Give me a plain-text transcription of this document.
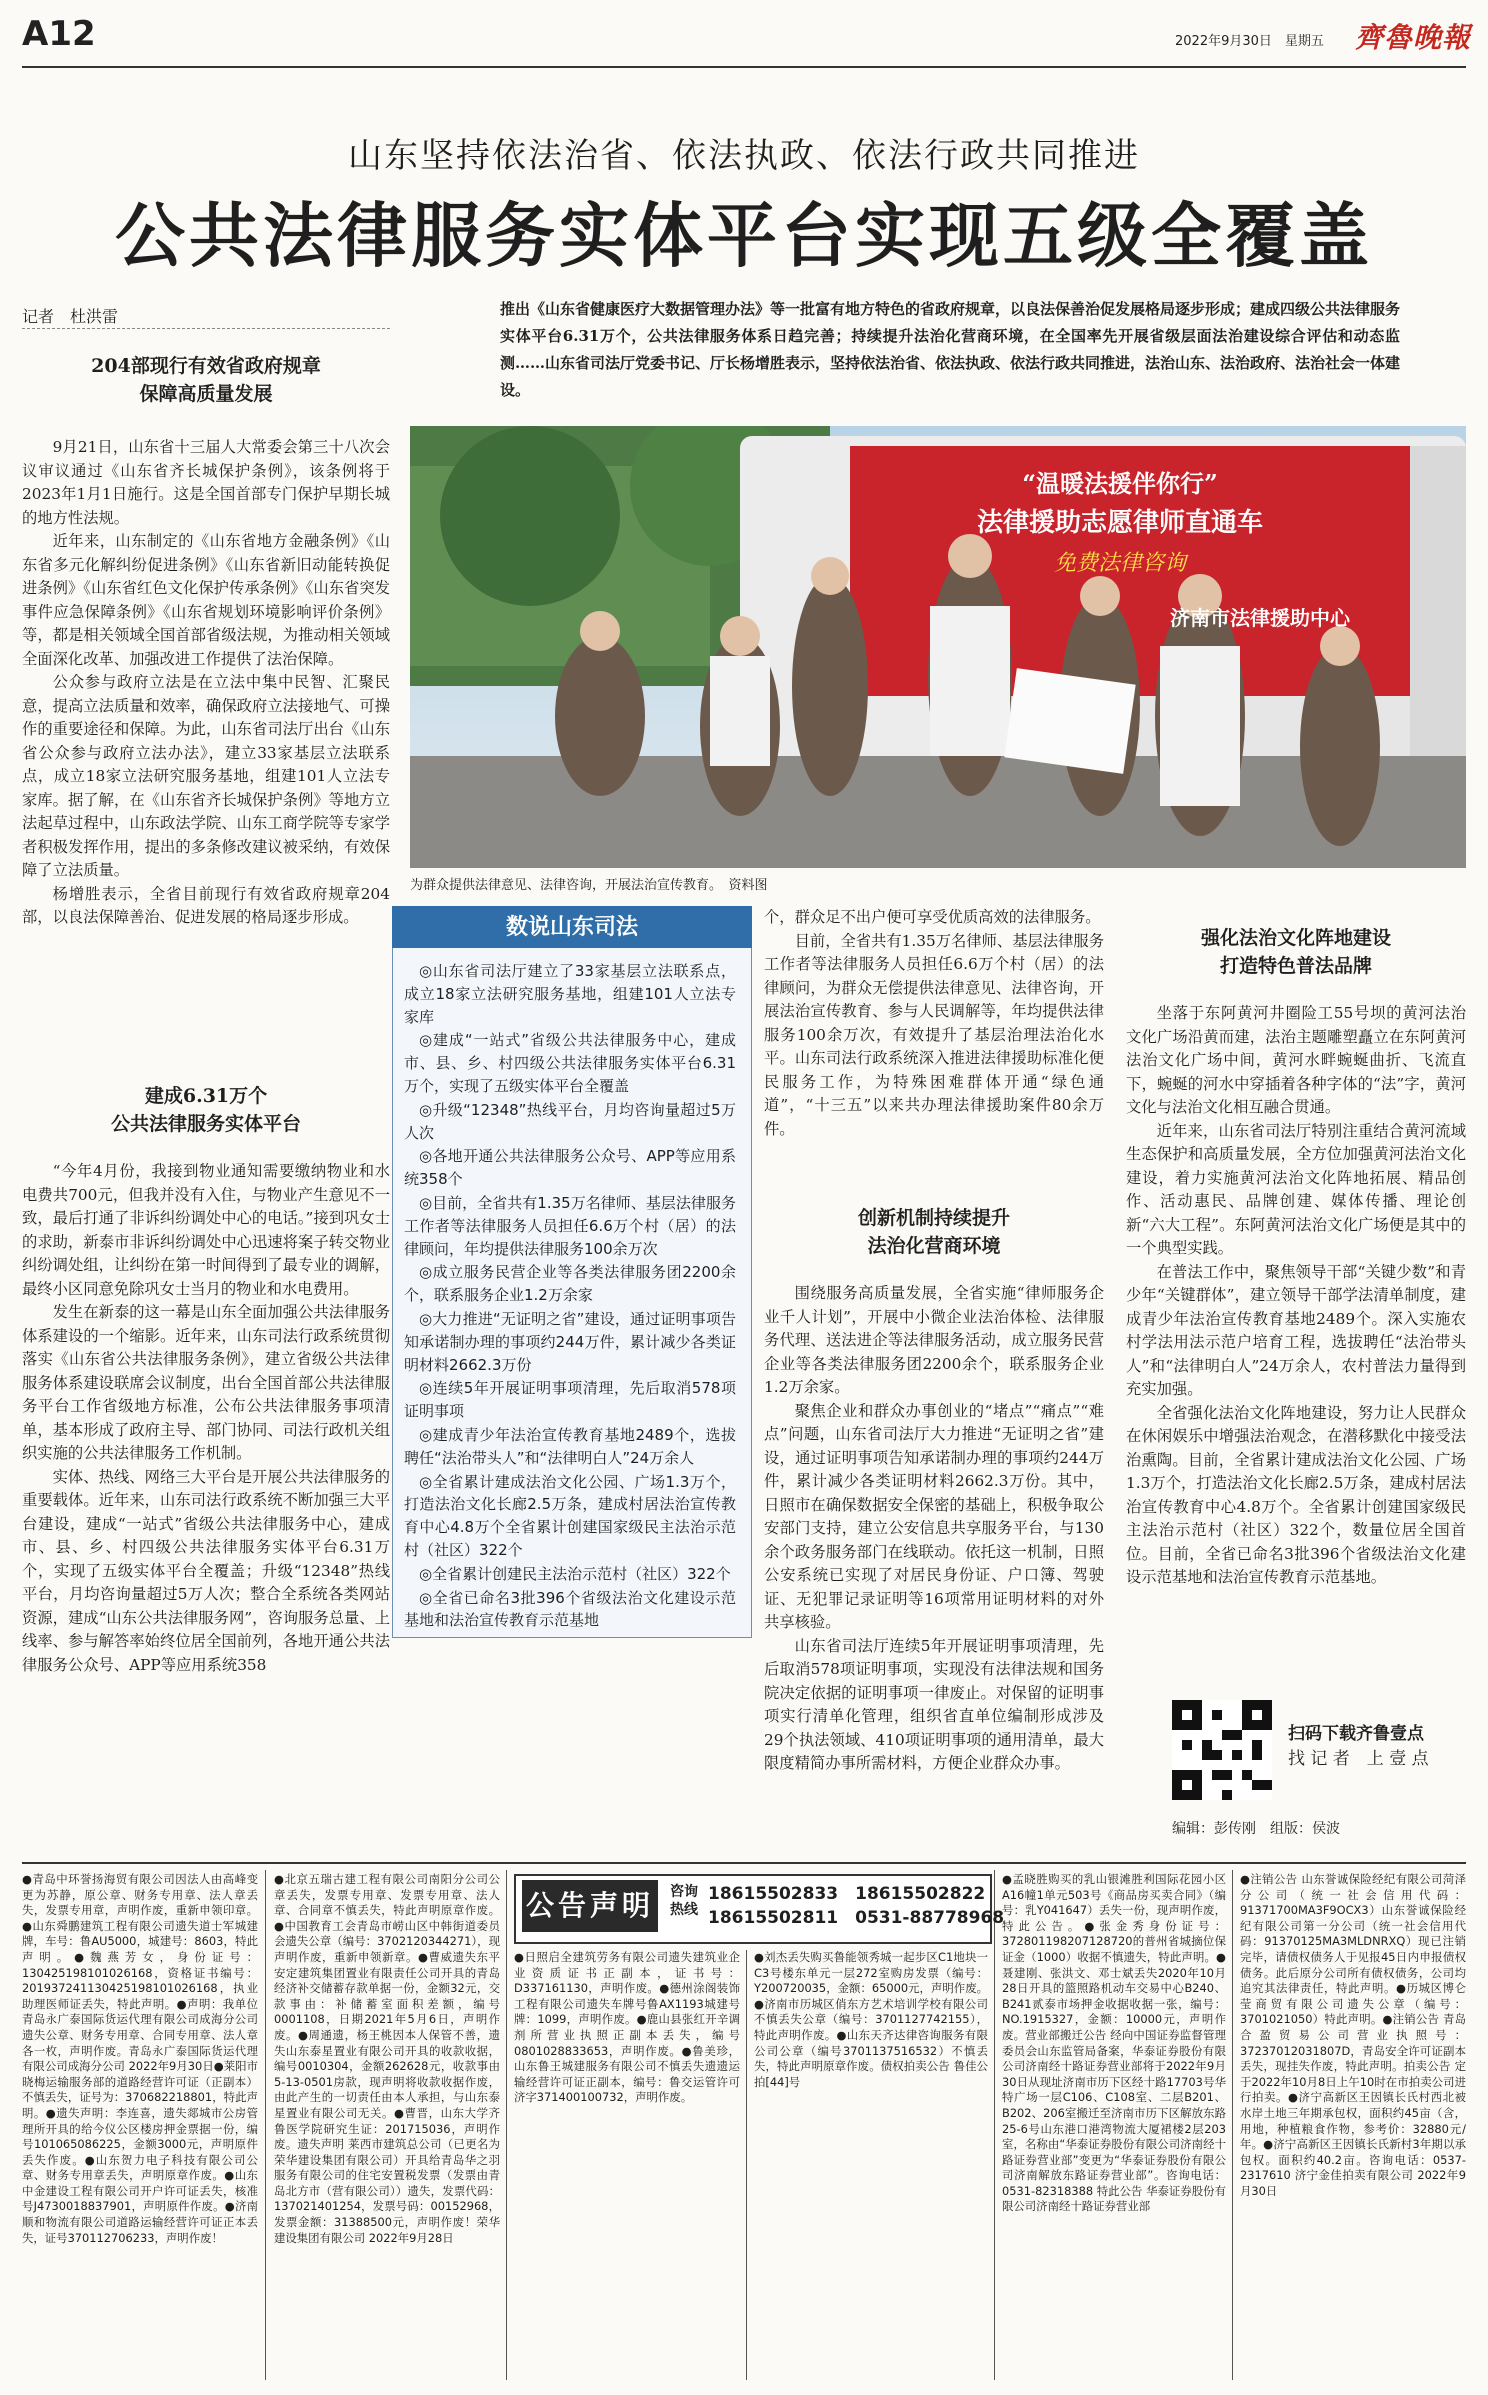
A12	2022年9月30日　星期五 齊魯晚報
山东坚持依法治省、依法执政、依法行政共同推进
公共法律服务实体平台实现五级全覆盖
记者　杜洪雷	推出《山东省健康医疗大数据管理办法》等一批富有地方特色的省政府规章，以良法保善治促发展格局逐步形成；建成四级公共法律服务实体平台6.31万个，公共法律服务体系日趋完善；持续提升法治化营商环境，在全国率先开展省级层面法治建设综合评估和动态监测……山东省司法厅党委书记、厅长杨增胜表示，坚持依法治省、依法执政、依法行政共同推进，法治山东、法治政府、法治社会一体建设。
204部现行有效省政府规章
保障高质量发展

9月21日，山东省十三届人大常委会第三十八次会议审议通过《山东省齐长城保护条例》，该条例将于2023年1月1日施行。这是全国首部专门保护早期长城的地方性法规。

近年来，山东制定的《山东省地方金融条例》《山东省多元化解纠纷促进条例》《山东省新旧动能转换促进条例》《山东省红色文化保护传承条例》《山东省突发事件应急保障条例》《山东省规划环境影响评价条例》等，都是相关领域全国首部省级法规，为推动相关领域全面深化改革、加强改进工作提供了法治保障。

公众参与政府立法是在立法中集中民智、汇聚民意，提高立法质量和效率，确保政府立法接地气、可操作的重要途径和保障。为此，山东省司法厅出台《山东省公众参与政府立法办法》，建立33家基层立法联系点，成立18家立法研究服务基地，组建101人立法专家库。据了解，在《山东省齐长城保护条例》等地方立法起草过程中，山东政法学院、山东工商学院等专家学者积极发挥作用，提出的多条修改建议被采纳，有效保障了立法质量。

杨增胜表示，全省目前现行有效省政府规章204部，以良法保障善治、促进发展的格局逐步形成。

建成6.31万个
公共法律服务实体平台

“今年4月份，我接到物业通知需要缴纳物业和水电费共700元，但我并没有入住，与物业产生意见不一致，最后打通了非诉纠纷调处中心的电话。”接到巩女士的求助，新泰市非诉纠纷调处中心迅速将案子转交物业纠纷调处组，让纠纷在第一时间得到了最专业的调解，最终小区同意免除巩女士当月的物业和水电费用。

发生在新泰的这一幕是山东全面加强公共法律服务体系建设的一个缩影。近年来，山东司法行政系统贯彻落实《山东省公共法律服务条例》，建立省级公共法律服务体系建设联席会议制度，出台全国首部公共法律服务平台工作省级地方标准，公布公共法律服务事项清单，基本形成了政府主导、部门协同、司法行政机关组织实施的公共法律服务工作机制。

实体、热线、网络三大平台是开展公共法律服务的重要载体。近年来，山东司法行政系统不断加强三大平台建设，建成“一站式”省级公共法律服务中心，建成市、县、乡、村四级公共法律服务实体平台6.31万个，实现了五级实体平台全覆盖；升级“12348”热线平台，月均咨询量超过5万人次；整合全系统各类网站资源，建成“山东公共法律服务网”，咨询服务总量、上线率、参与解答率始终位居全国前列，各地开通公共法律服务公众号、APP等应用系统358

“温暖法援伴你行”
法律援助志愿律师直通车
免费法律咨询
济南市法律援助中心
为群众提供法律意见、法律咨询，开展法治宣传教育。　资料图
数说山东司法

◎山东省司法厅建立了33家基层立法联系点，成立18家立法研究服务基地，组建101人立法专家库

◎建成“一站式”省级公共法律服务中心，建成市、县、乡、村四级公共法律服务实体平台6.31万个，实现了五级实体平台全覆盖

◎升级“12348”热线平台，月均咨询量超过5万人次

◎各地开通公共法律服务公众号、APP等应用系统358个

◎目前，全省共有1.35万名律师、基层法律服务工作者等法律服务人员担任6.6万个村（居）的法律顾问，年均提供法律服务100余万次

◎成立服务民营企业等各类法律服务团2200余个，联系服务企业1.2万余家

◎大力推进“无证明之省”建设，通过证明事项告知承诺制办理的事项约244万件，累计减少各类证明材料2662.3万份

◎连续5年开展证明事项清理，先后取消578项证明事项

◎建成青少年法治宣传教育基地2489个，选拔聘任“法治带头人”和“法律明白人”24万余人

◎全省累计建成法治文化公园、广场1.3万个，打造法治文化长廊2.5万条，建成村居法治宣传教育中心4.8万个全省累计创建国家级民主法治示范村（社区）322个

◎全省累计创建民主法治示范村（社区）322个

◎全省已命名3批396个省级法治文化建设示范基地和法治宣传教育示范基地

个，群众足不出户便可享受优质高效的法律服务。

目前，全省共有1.35万名律师、基层法律服务工作者等法律服务人员担任6.6万个村（居）的法律顾问，为群众无偿提供法律意见、法律咨询，开展法治宣传教育、参与人民调解等，年均提供法律服务100余万次，有效提升了基层治理法治化水平。山东司法行政系统深入推进法律援助标准化便民服务工作，为特殊困难群体开通“绿色通道”，“十三五”以来共办理法律援助案件80余万件。

创新机制持续提升
法治化营商环境

围绕服务高质量发展，全省实施“律师服务企业千人计划”，开展中小微企业法治体检、法律服务代理、送法进企等法律服务活动，成立服务民营企业等各类法律服务团2200余个，联系服务企业1.2万余家。

聚焦企业和群众办事创业的“堵点”“痛点”“难点”问题，山东省司法厅大力推进“无证明之省”建设，通过证明事项告知承诺制办理的事项约244万件，累计减少各类证明材料2662.3万份。其中，日照市在确保数据安全保密的基础上，积极争取公安部门支持，建立公安信息共享服务平台，与130余个政务服务部门在线联动。依托这一机制，日照公安系统已实现了对居民身份证、户口簿、驾驶证、无犯罪记录证明等16项常用证明材料的对外共享核验。

山东省司法厅连续5年开展证明事项清理，先后取消578项证明事项，实现没有法律法规和国务院决定依据的证明事项一律废止。对保留的证明事项实行清单化管理，组织省直单位编制形成涉及29个执法领域、410项证明事项的通用清单，最大限度精简办事所需材料，方便企业群众办事。

强化法治文化阵地建设
打造特色普法品牌

坐落于东阿黄河井圈险工55号坝的黄河法治文化广场沿黄而建，法治主题雕塑矗立在东阿黄河法治文化广场中间，黄河水畔蜿蜒曲折、飞流直下，蜿蜒的河水中穿插着各种字体的“法”字，黄河文化与法治文化相互融合贯通。

近年来，山东省司法厅特别注重结合黄河流域生态保护和高质量发展，全方位加强黄河法治文化建设，着力实施黄河法治文化阵地拓展、精品创作、活动惠民、品牌创建、媒体传播、理论创新“六大工程”。东阿黄河法治文化广场便是其中的一个典型实践。

在普法工作中，聚焦领导干部“关键少数”和青少年“关键群体”，建立领导干部学法清单制度，建成青少年法治宣传教育基地2489个。深入实施农村学法用法示范户培育工程，选拔聘任“法治带头人”和“法律明白人”24万余人，农村普法力量得到充实加强。

全省强化法治文化阵地建设，努力让人民群众在休闲娱乐中增强法治观念，在潜移默化中接受法治熏陶。目前，全省累计建成法治文化公园、广场1.3万个，打造法治文化长廊2.5万条，建成村居法治宣传教育中心4.8万个。全省累计创建国家级民主法治示范村（社区）322个，数量位居全国首位。目前，全省已命名3批396个省级法治文化建设示范基地和法治宣传教育示范基地。

扫码下载齐鲁壹点
找 记 者　上 壹 点
编辑：彭传刚　组版：侯波
公告声明 咨询热线
18615502833　18615502822
18615502811　0531-88778968

●青岛中环誉扬海贸有限公司因法人由高峰变更为苏静，原公章、财务专用章、法人章丢失，发票专用章，声明作废，重新申领印章。●山东舜鹏建筑工程有限公司遗失道士军城建牌，车号：鲁AU5000，城建号：8603，特此声明。●魏燕芳女，身份证号：130425198101026168，资格证书编号：201937241130425198101026168，执业助理医师证丢失，特此声明。●声明：我单位青岛永广泰国际货运代理有限公司成海分公司遗失公章、财务专用章、合同专用章、法人章各一枚，声明作废。青岛永广泰国际货运代理有限公司成海分公司 2022年9月30日●莱阳市晓梅运输服务部的道路经营许可证（正副本）不慎丢失，证号为：370682218801，特此声明。●遗失声明：李连喜，遗失郯城市公房管理所开具的给今仪公区楼房押金票据一份，编号1010650862​25，金额3000元，声明原件丢失作废。●山东贺力电子科技有限公司公章、财务专用章丢失，声明原章作废。●山东中金建设工程有限公司开户许可证丢失，核准号J4730018837901，声明原件作废。●济南顺和物流有限公司道路运输经营许可证正本丢失，证号370112706233，声明作废！

●北京五瑞古建工程有限公司南阳分公司公章丢失，发票专用章、发票专用章、法人章、合同章不慎丢失，特此声明原章作废。●中国教育工会青岛市崂山区中韩街道委员会遗失公章（编号：3702120344271），现声明作废，重新申领新章。●曹威遗失东平安定建筑集团置业有限责任公司开具的青岛经济补交储蓄存款单据一份，金额32元，交款事由：补储蓄室面积差额，编号0001108，日期2021年5月6日，声明作废。●周通遗，杨王桃因本人保管不善，遗失山东泰星置业有限公司开具的收款收据，编号0010304，金额262628元，收款事由5-13-0501房款，现声明将收款收据作废，由此产生的一切责任由本人承担，与山东泰星置业有限公司无关。●曹晋，山东大学齐鲁医学院研究生证：201715036，声明作废。遗失声明 莱西市建筑总公司（已更名为荣华建设集团有限公司）开具给青岛华之羽服务有限公司的住宅安置税发票（发票由青岛北方市（营有限公司））遗失，发票代码：137021401254，发票号码：00152968，发票金额：31388500元，声明作废！荣华建设集团有限公司 2022年9月28日

●日照启全建筑劳务有限公司遗失建筑业企业资质证书正副本，证书号：D337161130，声明作废。●德州涂阁装饰工程有限公司遗失车牌号鲁AX1193城建号牌：1099，声明作废。●鹿山县张红开辛调剂所营业执照正副本丢失，编号0801028833653，声明作废。●鲁美珍，山东鲁王城建服务有限公司不慎丢失遗遗运输经营许可证正副本，编号：鲁交运管许可济字371400100732，声明作废。

●刘杰丢失购买鲁能领秀城一起步区C1地块一C3号楼东单元一层272室购房发票（编号：Y200720035，金额：65000元，声明作废。●济南市历城区俏东方艺术培训学校有限公司不慎丢失公章（编号：3701127742155），特此声明作废。●山东天齐达律咨询服务有限公司公章（编号3701137516532）不慎丢失，特此声明原章作废。债权拍卖公告 鲁佳公拍[44]号

●孟晓胜购买的乳山银滩胜利国际花园小区A16幢1单元503号《商品房买卖合同》（编号：乳Y041647）丢失一份，现声明作废，特此公告。●张金秀身份证号：372801198207128720的普州省城摘位保证金（1000）收据不慎遗失，特此声明。●聂建刚、张洪文、邓士斌丢失2020年10月28日开具的篮照路机动车交易中心B240、B241贰泰市场押金收据收据一张，编号：NO.1915327，金额：10000元，声明作废。营业部搬迁公告 经向中国证券监督管理委员会山东监管局备案，华泰证券股份有限公司济南经十路证券营业部将于2022年9月30日从现址济南市历下区经十路17703号华特广场一层C106、C108室、二层B201、B202、206室搬迁至济南市历下区解放东路25-6号山东港口港湾物流大厦裙楼2层203室，名称由“华泰证券股份有限公司济南经十路证券营业部”变更为“华泰证券股份有限公司济南解放东路证券营业部”。咨询电话：0531-82318388 特此公告 华泰证券股份有限公司济南经十路证券营业部

●注销公告 山东誉诚保险经纪有限公司菏泽分公司（统一社会信用代码：91371700MA3F9OCX3）山东誉诚保险经纪有限公司第一分公司（统一社会信用代码：91370125MA3MLDNRXQ）现已注销完毕，请债权债务人于见报45日内申报债权债务。此后原分公司所有债权债务，公司均追究其法律责任，特此声明。●历城区博仑莹商贸有限公司遗失公章（编号：3701021050）特此声明。●注销公告 青岛合盈贸易公司营业执照号：37237012031807D，青岛安全许可证副本丢失，现挂失作废，特此声明。拍卖公告 定于2022年10月8日上午10时在市拍卖公司进行拍卖。●济宁高新区王因镇长氏村西北被水岸土地三年期承包权，面积约45亩（含，用地，种植粮食作物，参考价：32880元/年。●济宁高新区王因镇长氏新村3年期以承包权。面积约40.2亩。咨询电话：0537-2317610 济宁金佳拍卖有限公司 2022年9月30日
